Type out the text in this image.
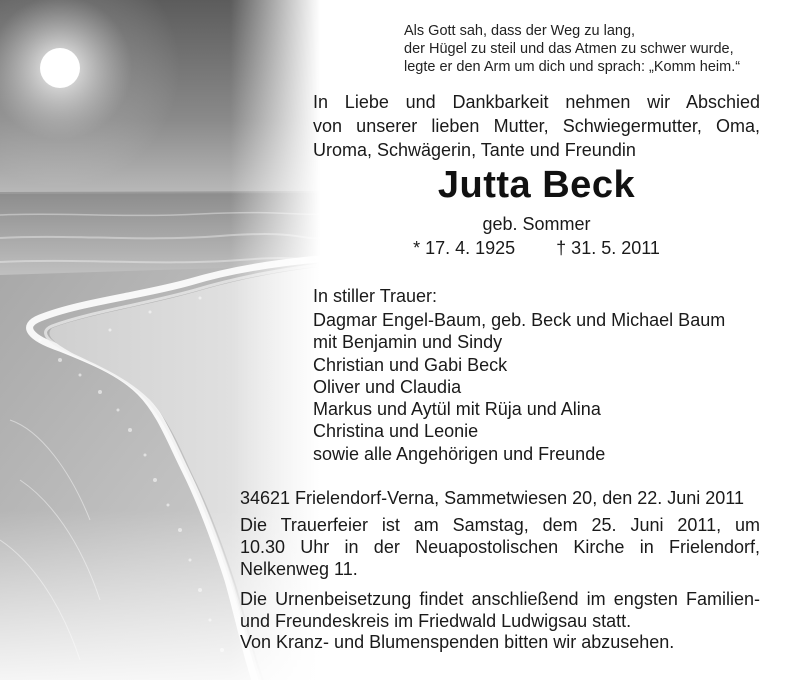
Als Gott sah, dass der Weg zu lang,
der Hügel zu steil und das Atmen zu schwer wurde,
legte er den Arm um dich und sprach: „Komm heim.“
In Liebe und Dankbarkeit nehmen wir Abschied
von unserer lieben Mutter, Schwiegermutter, Oma,
Uroma, Schwägerin, Tante und Freundin
Jutta Beck
geb. Sommer
* 17. 4. 1925 † 31. 5. 2011
In stiller Trauer:
Dagmar Engel-Baum, geb. Beck und Michael Baum
mit Benjamin und Sindy
Christian und Gabi Beck
Oliver und Claudia
Markus und Aytül mit Rüja und Alina
Christina und Leonie
sowie alle Angehörigen und Freunde
34621 Frielendorf-Verna, Sammetwiesen 20, den 22. Juni 2011
Die Trauerfeier ist am Samstag, dem 25. Juni 2011, um
10.30 Uhr in der Neuapostolischen Kirche in Frielendorf,
Nelkenweg 11.
Die Urnenbeisetzung findet anschließend im engsten Familien-
und Freundeskreis im Friedwald Ludwigsau statt.
Von Kranz- und Blumenspenden bitten wir abzusehen.
